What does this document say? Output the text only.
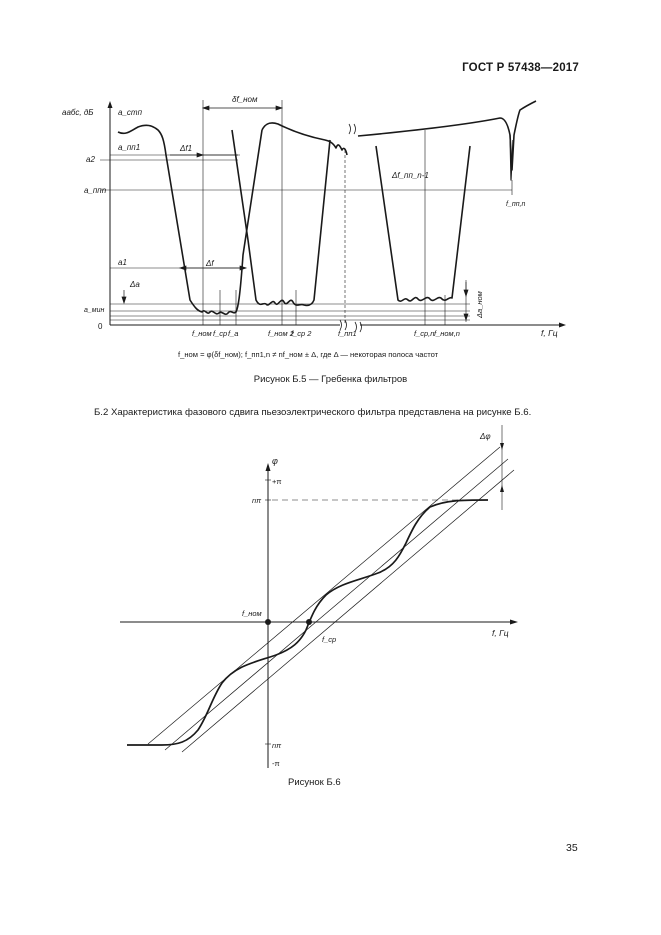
ГОСТ Р 57438—2017
aабс, дБ	a_стп
a_пп1
a2
a_ппn
a1
a_мин
Δa
0
Δf1
Δf
δf_ном
Δf_пп_n-1
f_пп,n
f_ном f_ср f_a	f_ном 2
f_ср 2	f_пп1	f_ср,n f_ном,n
Δa_ном
f, Гц
f_ном = φ(δf_ном); f_пп1,n ≠ nf_ном ± Δ, где Δ — некоторая полоса частот
Рисунок Б.5 — Гребенка фильтров
Б.2 Характеристика фазового сдвига пьезоэлектрического фильтра представлена на рисунке Б.6.
φ
+π
nπ
nπ
-π
f_ном
f_ср
f, Гц
Δφ
Рисунок Б.6
35
